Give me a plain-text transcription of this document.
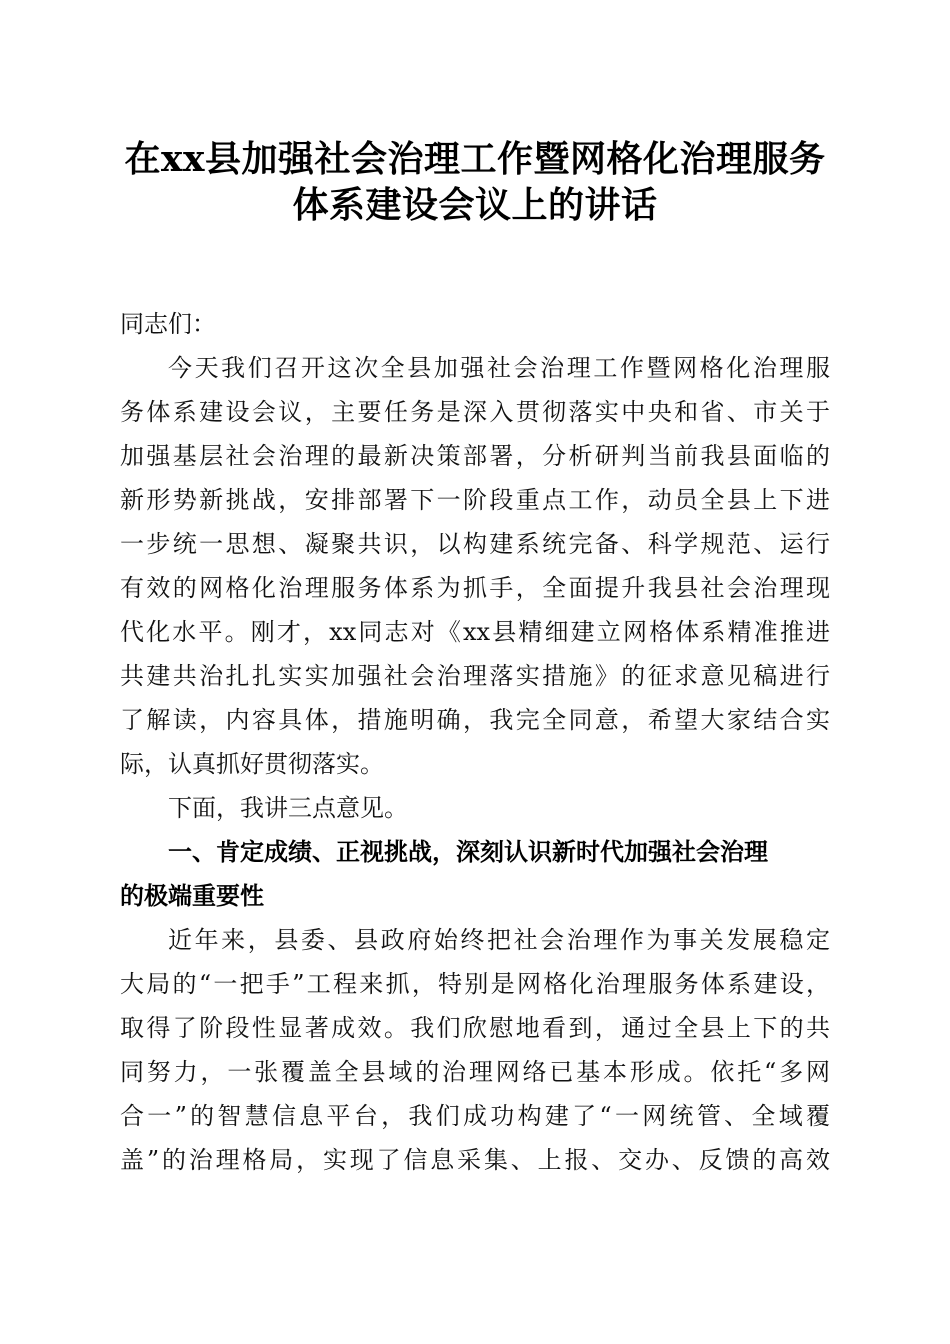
在xx县加强社会治理工作暨网格化治理服务
体系建设会议上的讲话

同志们：

今天我们召开这次全县加强社会治理工作暨网格化治理服
务体系建设会议，主要任务是深入贯彻落实中央和省、市关于
加强基层社会治理的最新决策部署，分析研判当前我县面临的
新形势新挑战，安排部署下一阶段重点工作，动员全县上下进
一步统一思想、凝聚共识，以构建系统完备、科学规范、运行
有效的网格化治理服务体系为抓手，全面提升我县社会治理现
代化水平。刚才，xx同志对《xx县精细建立网格体系精准推进
共建共治扎扎实实加强社会治理落实措施》的征求意见稿进行
了解读，内容具体，措施明确，我完全同意，希望大家结合实
际，认真抓好贯彻落实。

下面，我讲三点意见。

一、肯定成绩、正视挑战，深刻认识新时代加强社会治理
的极端重要性

近年来，县委、县政府始终把社会治理作为事关发展稳定
大局的“一把手”工程来抓，特别是网格化治理服务体系建设，
取得了阶段性显著成效。我们欣慰地看到，通过全县上下的共
同努力，一张覆盖全县域的治理网络已基本形成。依托“多网
合一”的智慧信息平台，我们成功构建了“一网统管、全域覆
盖”的治理格局，实现了信息采集、上报、交办、反馈的高效
